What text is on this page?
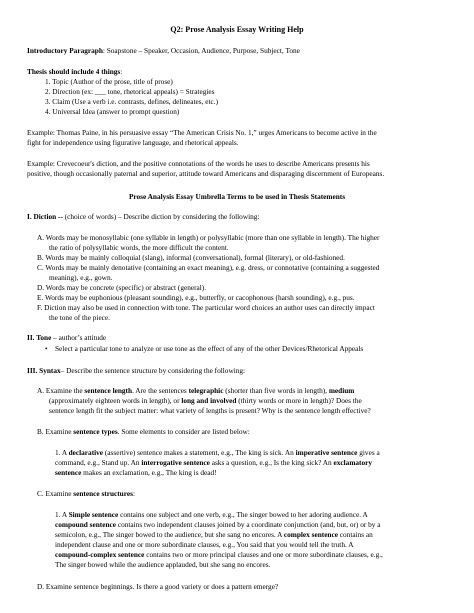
Q2: Prose Analysis Essay Writing Help
Introductory Paragraph: Soapstone – Speaker, Occasion, Audience, Purpose, Subject, Tone
Thesis should include 4 things:
1. Topic (Author of the prose, title of prose)
2. Direction (ex: ___ tone, rhetorical appeals) = Strategies
3. Claim (Use a verb i.e. contrasts, defines, delineates, etc.)
4. Universal Idea (answer to prompt question)
Example: Thomas Paine, in his persuasive essay “The American Crisis No. 1,” urges Americans to become active in the
fight for independence using figurative language, and rhetorical appeals.
Example: Crevecoeur's diction, and the positive connotations of the words he uses to describe Americans presents his
positive, though occasionally paternal and superior, attitude toward Americans and disparaging discernment of Europeans.
Prose Analysis Essay Umbrella Terms to be used in Thesis Statements
I. Diction -- (choice of words) – Describe diction by considering the following:
A. Words may be monosyllabic (one syllable in length) or polysyllabic (more than one syllable in length). The higher
the ratio of polysyllabic words, the more difficult the content.
B. Words may be mainly colloquial (slang), informal (conversational), formal (literary), or old-fashioned.
C. Words may be mainly denotative (containing an exact meaning), e.g. dress, or connotative (containing a suggested
meaning), e.g., gown.
D. Words may be concrete (specific) or abstract (general).
E. Words may be euphonious (pleasant sounding), e.g., butterfly, or cacophonous (harsh sounding), e.g., pus.
F. Diction may also be used in connection with tone. The particular word choices an author uses can directly impact
the tone of the piece.
II. Tone – author’s attitude
• Select a particular tone to analyze or use tone as the effect of any of the other Devices/Rhetorical Appeals
III. Syntax– Describe the sentence structure by considering the following:
A. Examine the sentence length. Are the sentences telegraphic (shorter than five words in length), medium
(approximately eighteen words in length), or long and involved (thirty words or more in length)? Does the
sentence length fit the subject matter: what variety of lengths is present? Why is the sentence length effective?
B. Examine sentence types. Some elements to consider are listed below:
1. A declarative (assertive) sentence makes a statement, e.g., The king is sick. An imperative sentence gives a
command, e.g., Stand up. An interrogative sentence asks a question, e.g., Is the king sick? An exclamatory
sentence makes an exclamation, e.g., The king is dead!
C. Examine sentence structures:
1. A Simple sentence contains one subject and one verb, e.g., The singer bowed to her adoring audience. A
compound sentence contains two independent clauses joined by a coordinate conjunction (and, but, or) or by a
semicolon, e.g., The singer bowed to the audience, but she sang no encores. A complex sentence contains an
independent clause and one or more subordinate clauses, e.g., You said that you would tell the truth. A
compound-complex sentence contains two or more principal clauses and one or more subordinate clauses, e.g.,
The singer bowed while the audience applauded, but she sang no encores.
D. Examine sentence beginnings. Is there a good variety or does a pattern emerge?
